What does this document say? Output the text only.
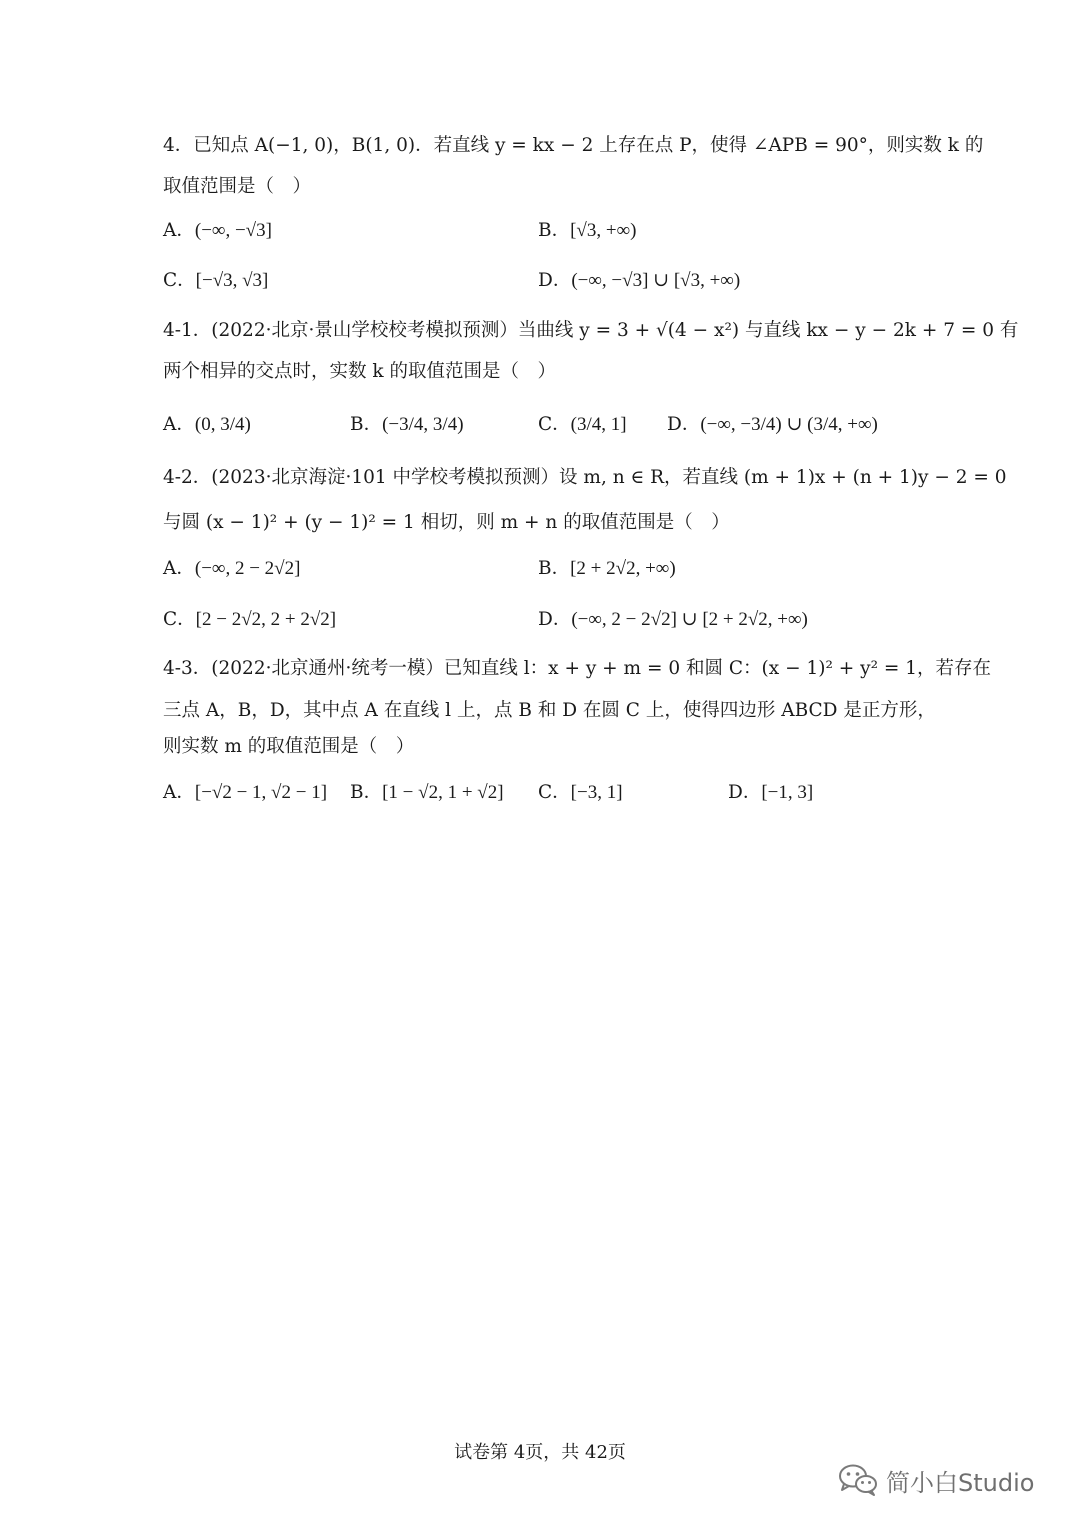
4．已知点 A(−1, 0)，B(1, 0)．若直线 y = kx − 2 上存在点 P，使得 ∠APB = 90°，则实数 k 的
取值范围是（　）
A．(−∞, −√3]	B．[√3, +∞)
C．[−√3, √3]	D．(−∞, −√3] ∪ [√3, +∞)
4-1．(2022·北京·景山学校校考模拟预测）当曲线 y = 3 + √(4 − x²) 与直线 kx − y − 2k + 7 = 0 有
两个相异的交点时，实数 k 的取值范围是（　）
A．(0, 3/4)	B．(−3/4, 3/4)	C．(3/4, 1] D．(−∞, −3/4) ∪ (3/4, +∞)
4-2．(2023·北京海淀·101 中学校考模拟预测）设 m, n ∈ R，若直线 (m + 1)x + (n + 1)y − 2 = 0
与圆 (x − 1)² + (y − 1)² = 1 相切，则 m + n 的取值范围是（　）
A．(−∞, 2 − 2√2]	B．[2 + 2√2, +∞)
C．[2 − 2√2, 2 + 2√2]	D．(−∞, 2 − 2√2] ∪ [2 + 2√2, +∞)
4-3．(2022·北京通州·统考一模）已知直线 l：x + y + m = 0 和圆 C：(x − 1)² + y² = 1，若存在
三点 A，B，D，其中点 A 在直线 l 上，点 B 和 D 在圆 C 上，使得四边形 ABCD 是正方形，
则实数 m 的取值范围是（　）
A．[−√2 − 1, √2 − 1] B．[1 − √2, 1 + √2] C．[−3, 1]	D．[−1, 3]
试卷第 4页，共 42页
简小白Studio
